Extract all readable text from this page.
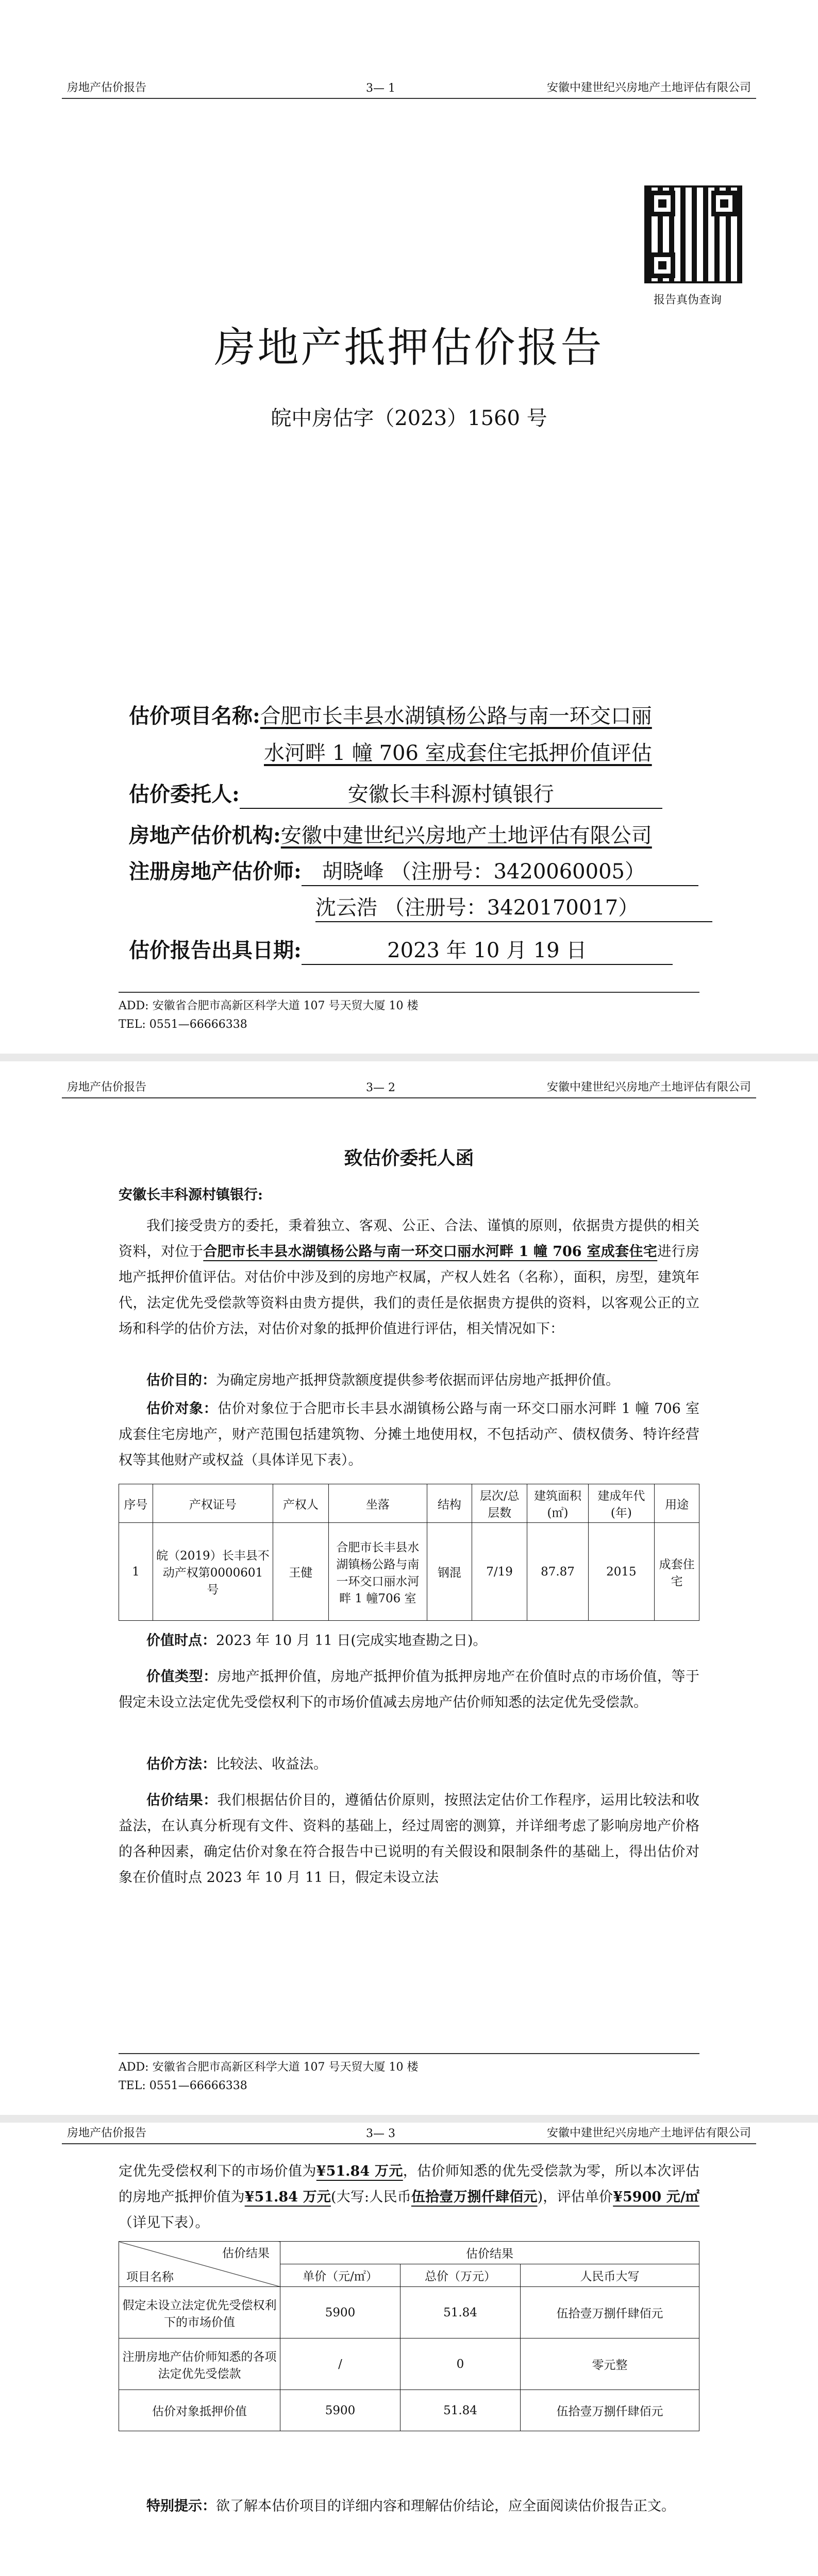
房地产估价报告	3— 1	安徽中建世纪兴房地产土地评估有限公司
报告真伪查询
房地产抵押估价报告
皖中房估字（2023）1560 号
估价项目名称:合肥市长丰县水湖镇杨公路与南一环交口丽
水河畔 1 幢 706 室成套住宅抵押价值评估
估价委托人:	安徽长丰科源村镇银行
房地产估价机构:安徽中建世纪兴房地产土地评估有限公司
注册房地产估价师: 胡晓峰 （注册号：3420060005）
沈云浩 （注册号：3420170017）
估价报告出具日期:	2023 年 10 月 19 日
ADD: 安徽省合肥市高新区科学大道 107 号天贸大厦 10 楼
TEL: 0551—66666338
房地产估价报告	3— 2	安徽中建世纪兴房地产土地评估有限公司
致估价委托人函
安徽长丰科源村镇银行:
我们接受贵方的委托，秉着独立、客观、公正、合法、谨慎的原则，依据贵方提供的相关资料，对位于合肥市长丰县水湖镇杨公路与南一环交口丽水河畔 1 幢 706 室成套住宅进行房地产抵押价值评估。对估价中涉及到的房地产权属，产权人姓名（名称），面积，房型，建筑年代，法定优先受偿款等资料由贵方提供，我们的责任是依据贵方提供的资料，以客观公正的立场和科学的估价方法，对估价对象的抵押价值进行评估，相关情况如下：
估价目的：为确定房地产抵押贷款额度提供参考依据而评估房地产抵押价值。
估价对象：估价对象位于合肥市长丰县水湖镇杨公路与南一环交口丽水河畔 1 幢 706 室成套住宅房地产，财产范围包括建筑物、分摊土地使用权，不包括动产、债权债务、特许经营权等其他财产或权益（具体详见下表）。
序号	产权证号	产权人	坐落	结构	层次/总层数	建筑面积(㎡)	建成年代(年)	用途
1	皖（2019）长丰县不动产权第0000601 号	王健	合肥市长丰县水湖镇杨公路与南一环交口丽水河畔 1 幢706 室	钢混	7/19	87.87	2015	成套住宅
价值时点：2023 年 10 月 11 日(完成实地查勘之日)。
价值类型：房地产抵押价值，房地产抵押价值为抵押房地产在价值时点的市场价值，等于假定未设立法定优先受偿权利下的市场价值减去房地产估价师知悉的法定优先受偿款。
估价方法：比较法、收益法。
估价结果：我们根据估价目的，遵循估价原则，按照法定估价工作程序，运用比较法和收益法，在认真分析现有文件、资料的基础上，经过周密的测算，并详细考虑了影响房地产价格的各种因素，确定估价对象在符合报告中已说明的有关假设和限制条件的基础上，得出估价对象在价值时点 2023 年 10 月 11 日，假定未设立法
ADD: 安徽省合肥市高新区科学大道 107 号天贸大厦 10 楼
TEL: 0551—66666338
房地产估价报告	3— 3	安徽中建世纪兴房地产土地评估有限公司
定优先受偿权利下的市场价值为¥51.84 万元，估价师知悉的优先受偿款为零，所以本次评估的房地产抵押价值为¥51.84 万元(大写:人民币伍拾壹万捌仟肆佰元)，评估单价¥5900 元/㎡（详见下表）。
估价结果
项目名称	估价结果		
	单价（元/㎡）	总价（万元）	人民币大写
假定未设立法定优先受偿权利下的市场价值	5900	51.84	伍拾壹万捌仟肆佰元
注册房地产估价师知悉的各项法定优先受偿款	/	0	零元整
估价对象抵押价值	5900	51.84	伍拾壹万捌仟肆佰元
特别提示：欲了解本估价项目的详细内容和理解估价结论，应全面阅读估价报告正文。
